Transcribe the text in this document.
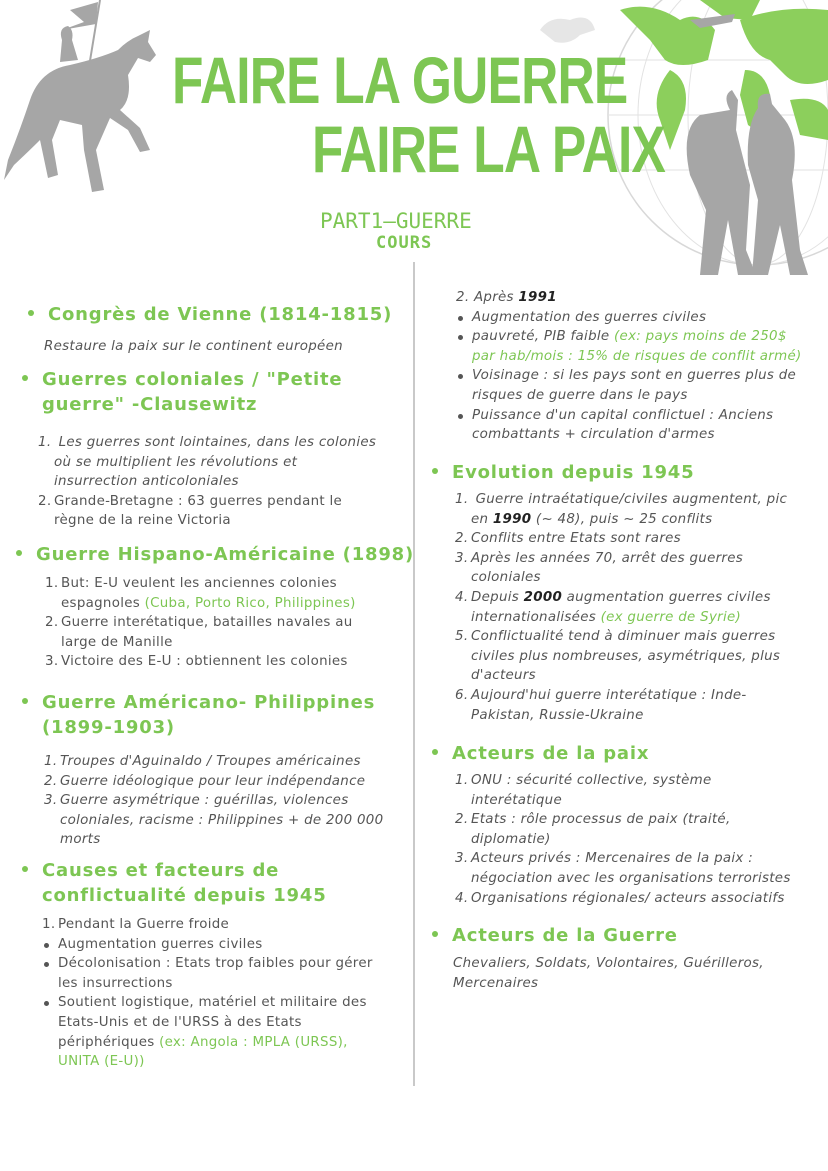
FAIRE LA GUERRE
FAIRE LA PAIX
PART1—GUERRE
COURS
Congrès de Vienne (1814-1815)
Restaure la paix sur le continent européen
Guerres coloniales / "Petite
guerre" -Clausewitz
1. Les guerres sont lointaines, dans les colonies
où se multiplient les révolutions et
insurrection anticoloniales
2. Grande-Bretagne : 63 guerres pendant le
règne de la reine Victoria
Guerre Hispano-Américaine (1898)
1. But: E-U veulent les anciennes colonies
espagnoles (Cuba, Porto Rico, Philippines)
2. Guerre interétatique, batailles navales au
large de Manille
3. Victoire des E-U : obtiennent les colonies
Guerre Américano- Philippines
(1899-1903)
1. Troupes d'Aguinaldo / Troupes américaines
2. Guerre idéologique pour leur indépendance
3. Guerre asymétrique : guérillas, violences
coloniales, racisme : Philippines + de 200 000
morts
Causes et facteurs de
conflictualité depuis 1945
1. Pendant la Guerre froide
Augmentation guerres civiles
Décolonisation : Etats trop faibles pour gérer
les insurrections
Soutient logistique, matériel et militaire des
Etats-Unis et de l'URSS à des Etats
périphériques (ex: Angola : MPLA (URSS),
UNITA (E-U))
2. Après 1991
Augmentation des guerres civiles
pauvreté, PIB faible (ex: pays moins de 250$
par hab/mois : 15% de risques de conflit armé)
Voisinage : si les pays sont en guerres plus de
risques de guerre dans le pays
Puissance d'un capital conflictuel : Anciens
combattants + circulation d'armes
Evolution depuis 1945
1. Guerre intraétatique/civiles augmentent, pic
en 1990 (~ 48), puis ~ 25 conflits
2. Conflits entre Etats sont rares
3. Après les années 70, arrêt des guerres
coloniales
4. Depuis 2000 augmentation guerres civiles
internationalisées (ex guerre de Syrie)
5. Conflictualité tend à diminuer mais guerres
civiles plus nombreuses, asymétriques, plus
d'acteurs
6. Aujourd'hui guerre interétatique : Inde-
Pakistan, Russie-Ukraine
Acteurs de la paix
1. ONU : sécurité collective, système
interétatique
2. Etats : rôle processus de paix (traité,
diplomatie)
3. Acteurs privés : Mercenaires de la paix :
négociation avec les organisations terroristes
4. Organisations régionales/ acteurs associatifs
Acteurs de la Guerre
Chevaliers, Soldats, Volontaires, Guérilleros,
Mercenaires
